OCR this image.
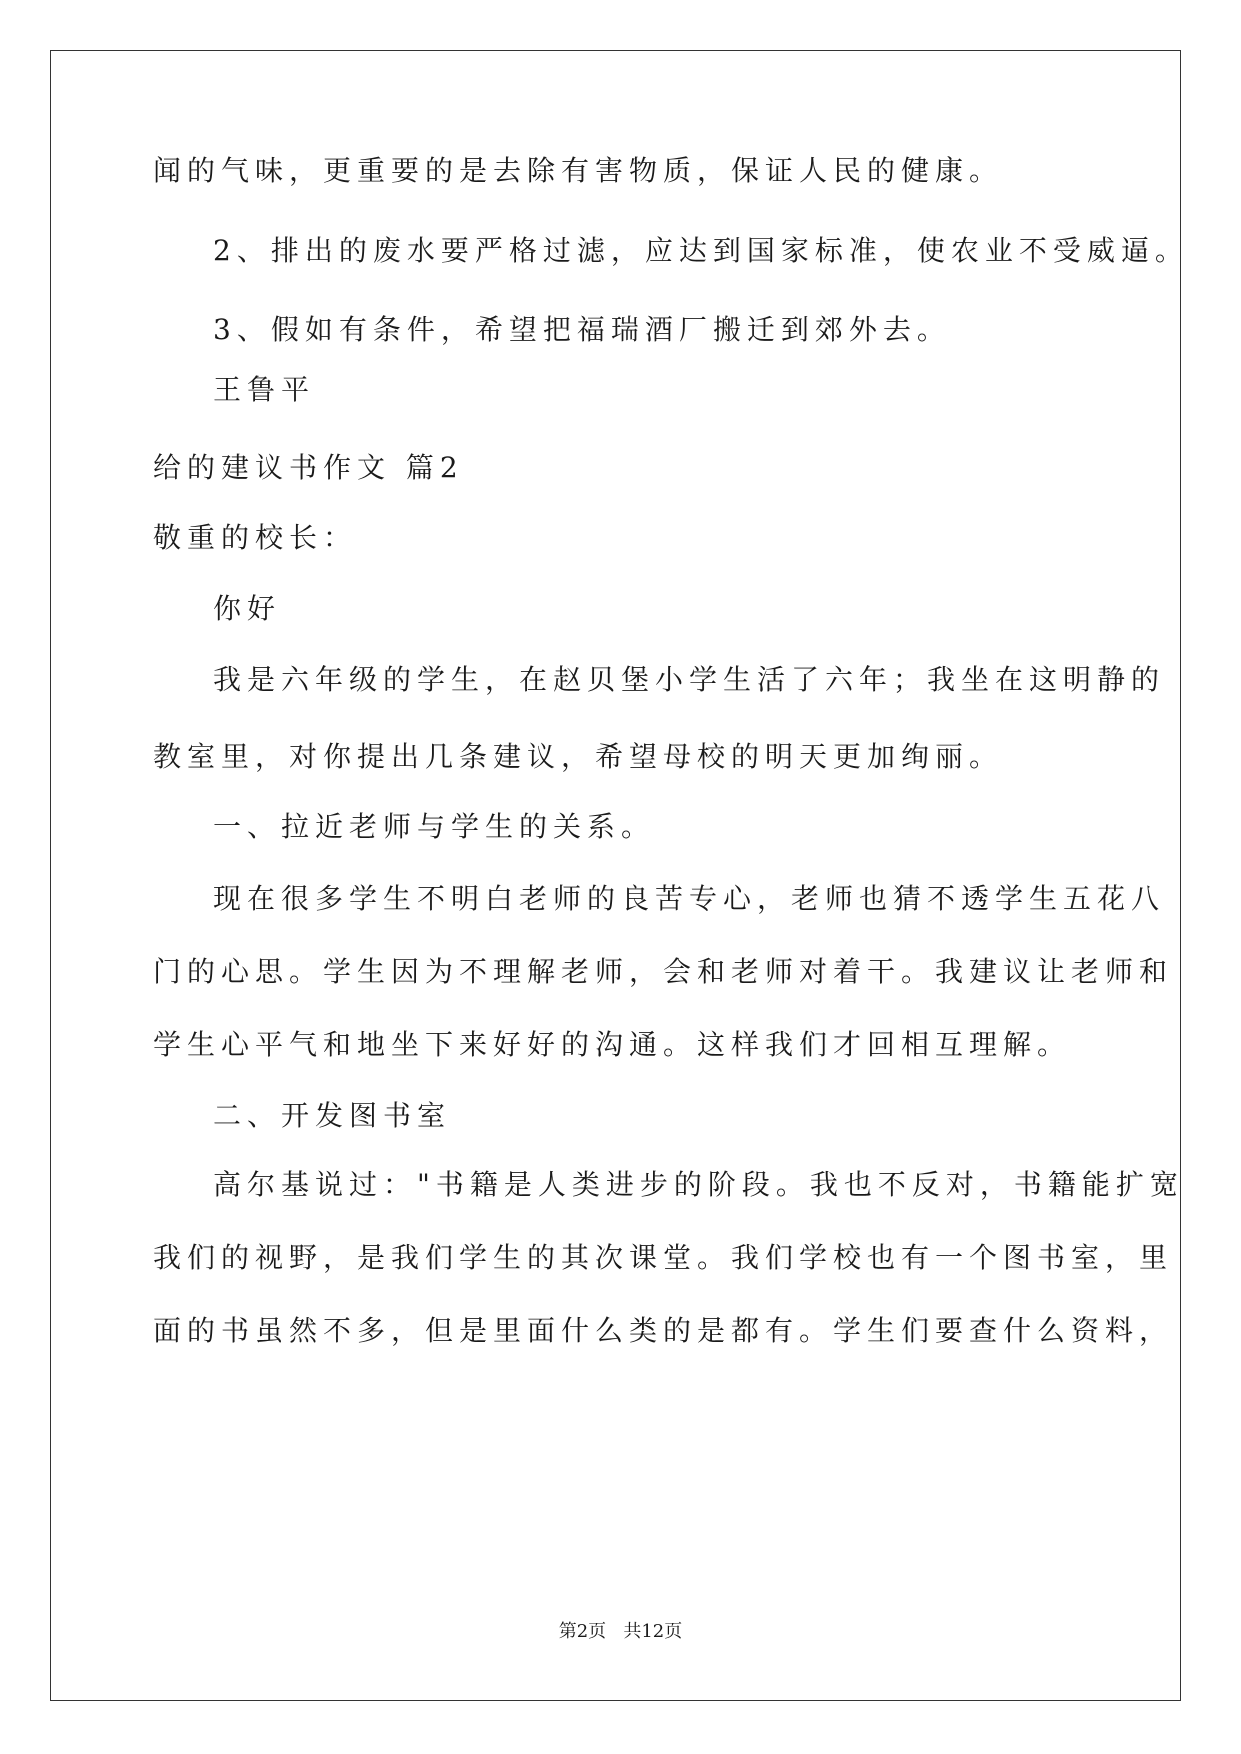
闻的气味，更重要的是去除有害物质，保证人民的健康。
2、排出的废水要严格过滤，应达到国家标准，使农业不受威逼。
3、假如有条件，希望把福瑞酒厂搬迁到郊外去。
王鲁平
给的建议书作文 篇2
敬重的校长：
你好
我是六年级的学生，在赵贝堡小学生活了六年；我坐在这明静的
教室里，对你提出几条建议，希望母校的明天更加绚丽。
一、拉近老师与学生的关系。
现在很多学生不明白老师的良苦专心，老师也猜不透学生五花八
门的心思。学生因为不理解老师，会和老师对着干。我建议让老师和
学生心平气和地坐下来好好的沟通。这样我们才回相互理解。
二、开发图书室
高尔基说过："书籍是人类进步的阶段。我也不反对，书籍能扩宽
我们的视野，是我们学生的其次课堂。我们学校也有一个图书室，里
面的书虽然不多，但是里面什么类的是都有。学生们要查什么资料，
第2页   共12页
